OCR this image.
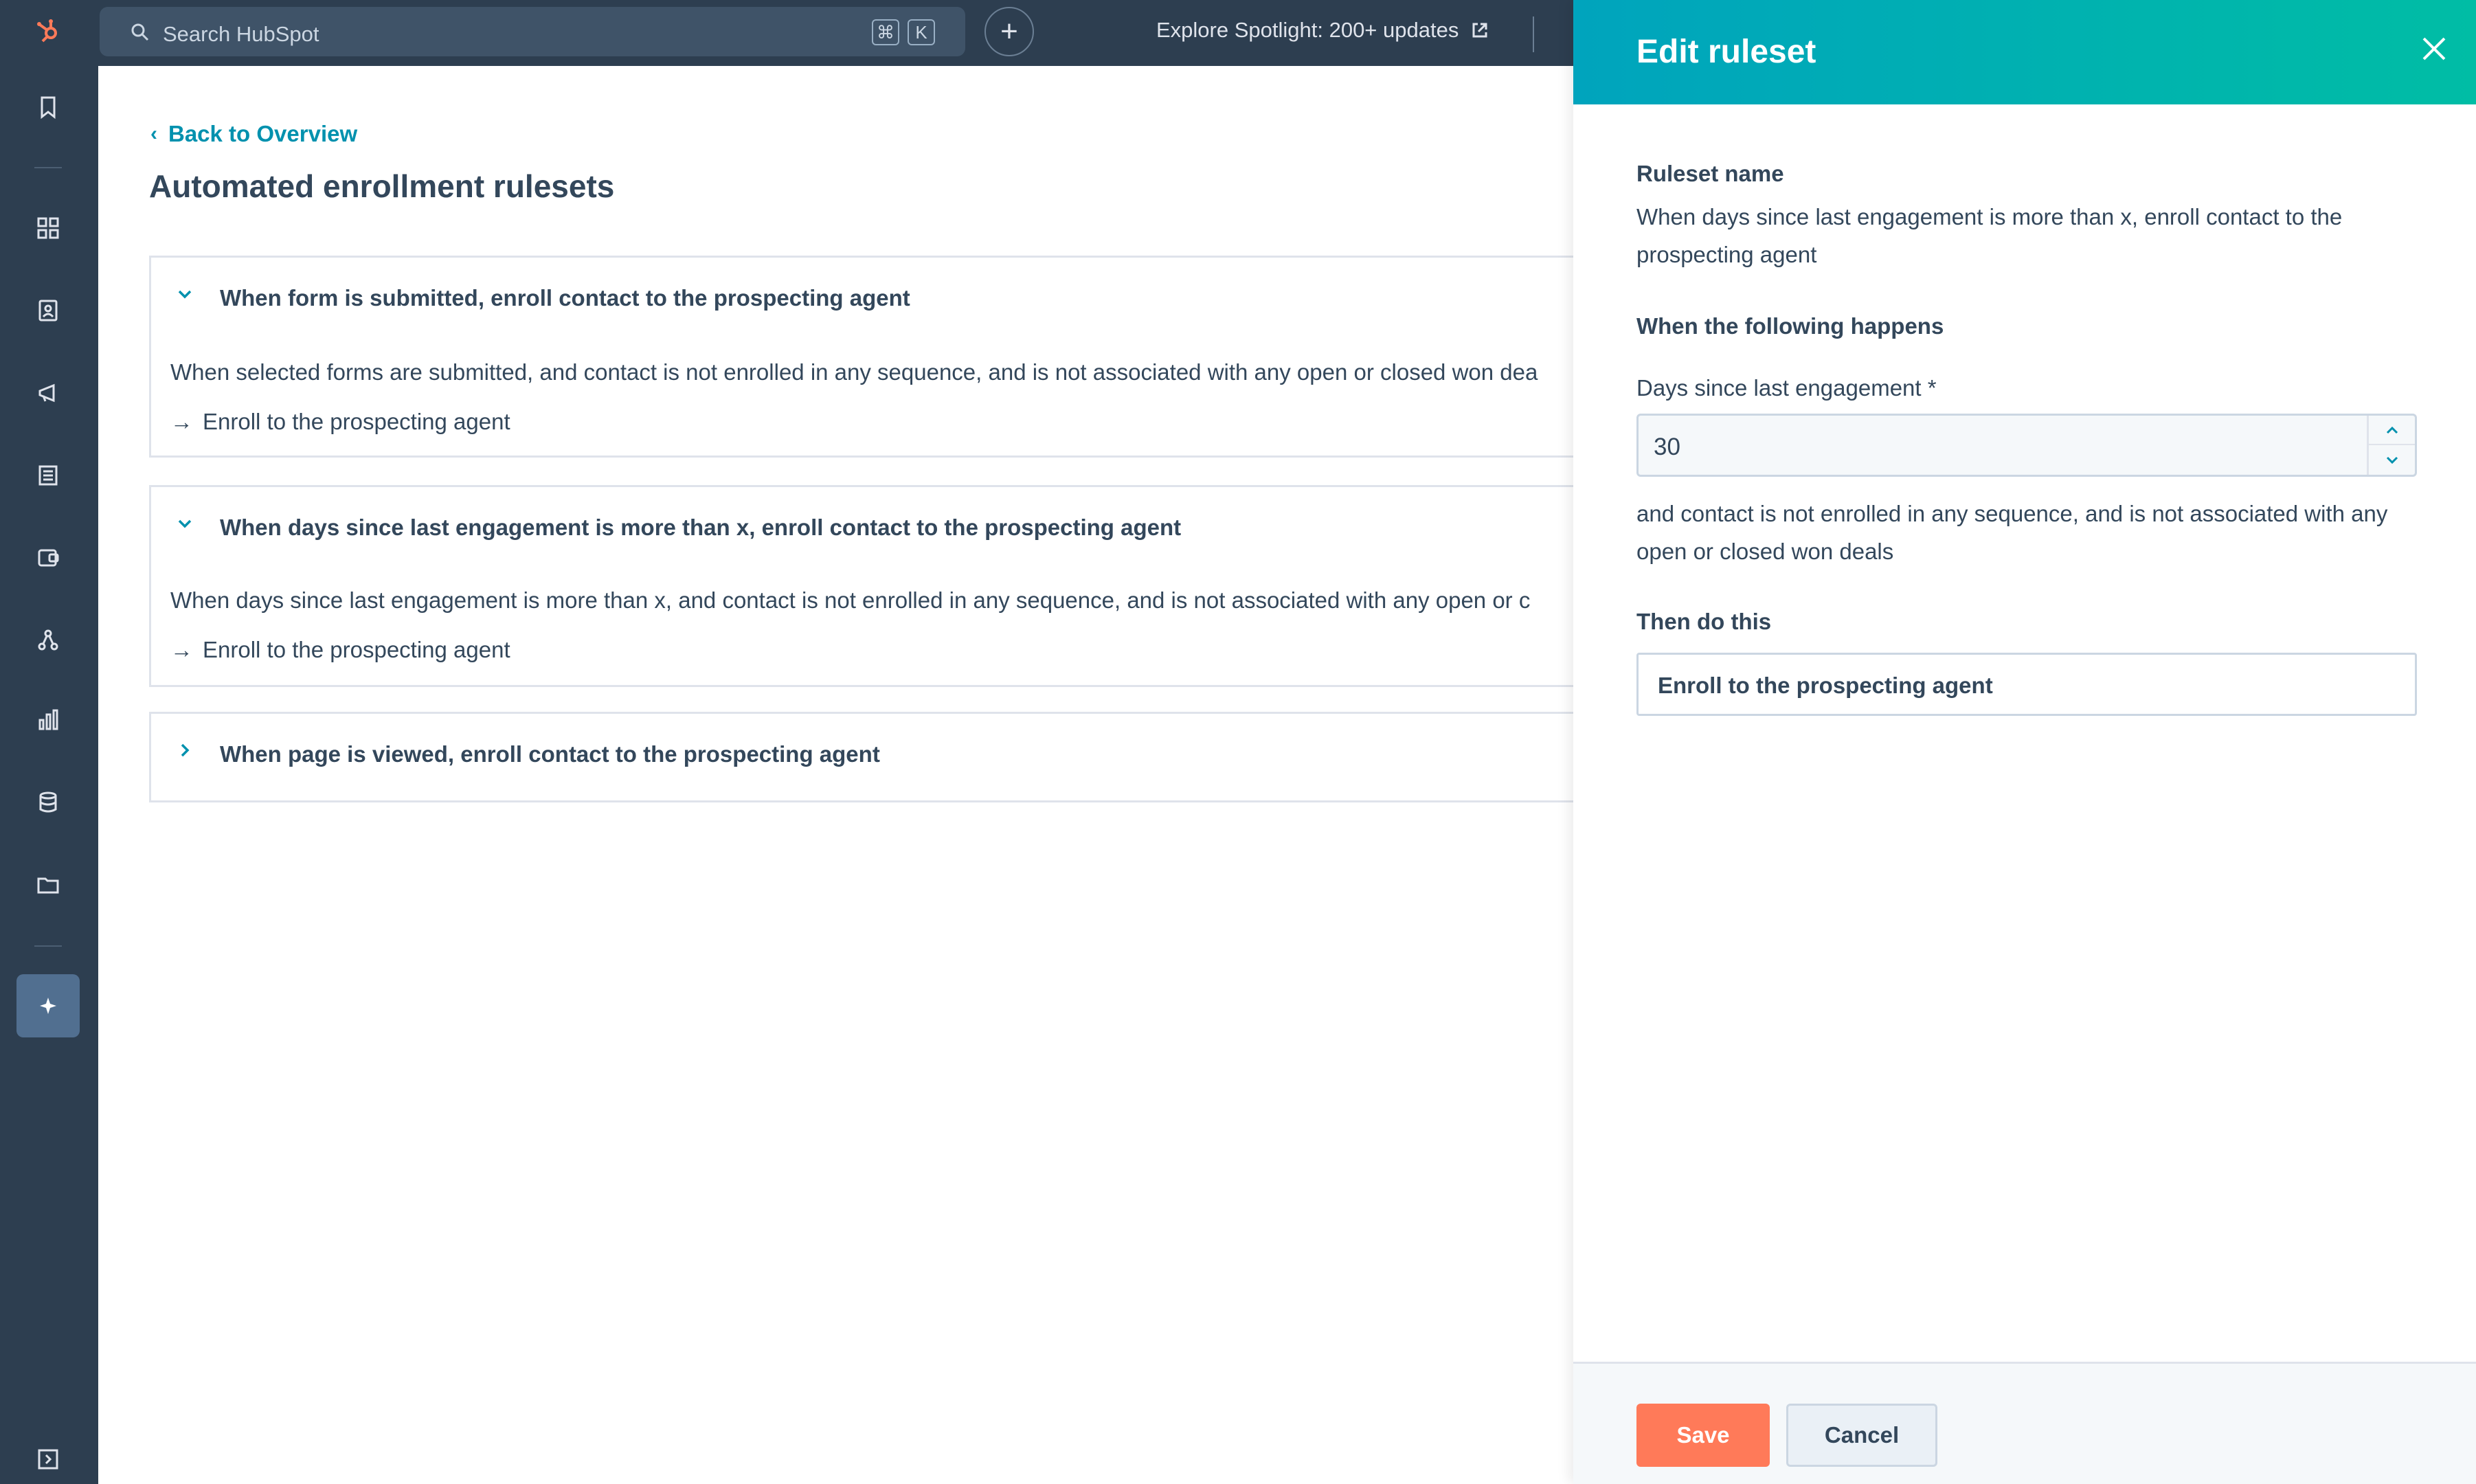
Search HubSpot	⌘	K	+	Explore Spotlight: 200+ updates
‹ Back to Overview
Automated enrollment rulesets
When form is submitted, enroll contact to the prospecting agent
When selected forms are submitted, and contact is not enrolled in any sequence, and is not associated with any open or closed won dea
→ Enroll to the prospecting agent
When days since last engagement is more than x, enroll contact to the prospecting agent
When days since last engagement is more than x, and contact is not enrolled in any sequence, and is not associated with any open or c
→ Enroll to the prospecting agent
When page is viewed, enroll contact to the prospecting agent
Edit ruleset
Ruleset name
When days since last engagement is more than x, enroll contact to the prospecting agent
When the following happens
Days since last engagement *
30
and contact is not enrolled in any sequence, and is not associated with any open or closed won deals
Then do this
Enroll to the prospecting agent
Save	Cancel
